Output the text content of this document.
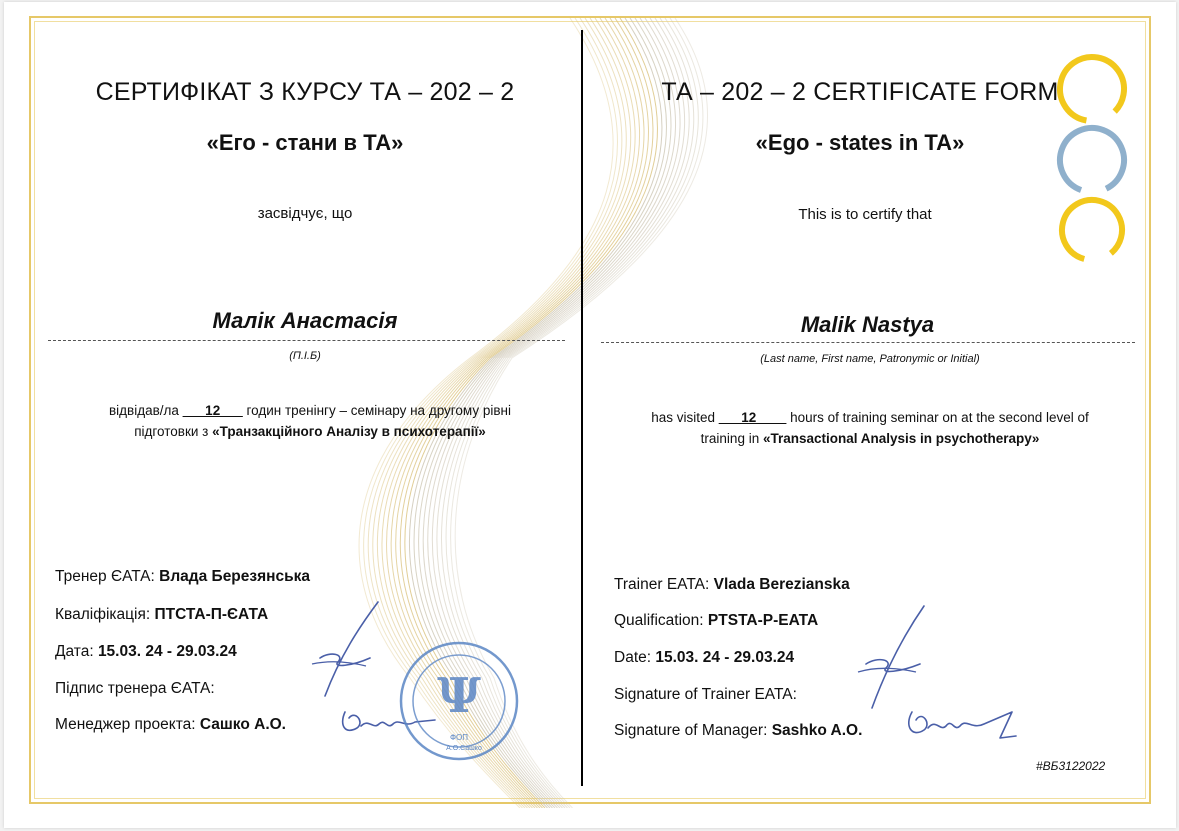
СЕРТИФІКАТ З КУРСУ ТА – 202 – 2
«Его - стани в ТА»
засвідчує, що
Малік Анастасія
(П.І.Б)
відвідав/ла ___12___ годин тренінгу – семінару на другому рівні
підготовки з «Транзакційного Аналізу в психотерапії»
Тренер ЄАТА: Влада Березянська
Кваліфікація: ПТСТА-П-ЄАТА
Дата: 15.03. 24 - 29.03.24
Підпис тренера ЄАТА:
Менеджер проекта: Сашко А.О.
Ψ
ФОП
А.О.Сашко
ТА – 202 – 2 CERTIFICATE FORM
«Ego - states in TA»
This is to certify that
Malik Nastya
(Last name, First name, Patronymic or Initial)
has visited ___12____ hours of training seminar on at the second level of
training in «Transactional Analysis in psychotherapy»
Trainer EATA: Vlada Berezianska
Qualification: PTSTA-P-EATA
Date: 15.03. 24 - 29.03.24
Signature of Trainer EATA:
Signature of Manager: Sashko A.O.
#ВБ3122022
